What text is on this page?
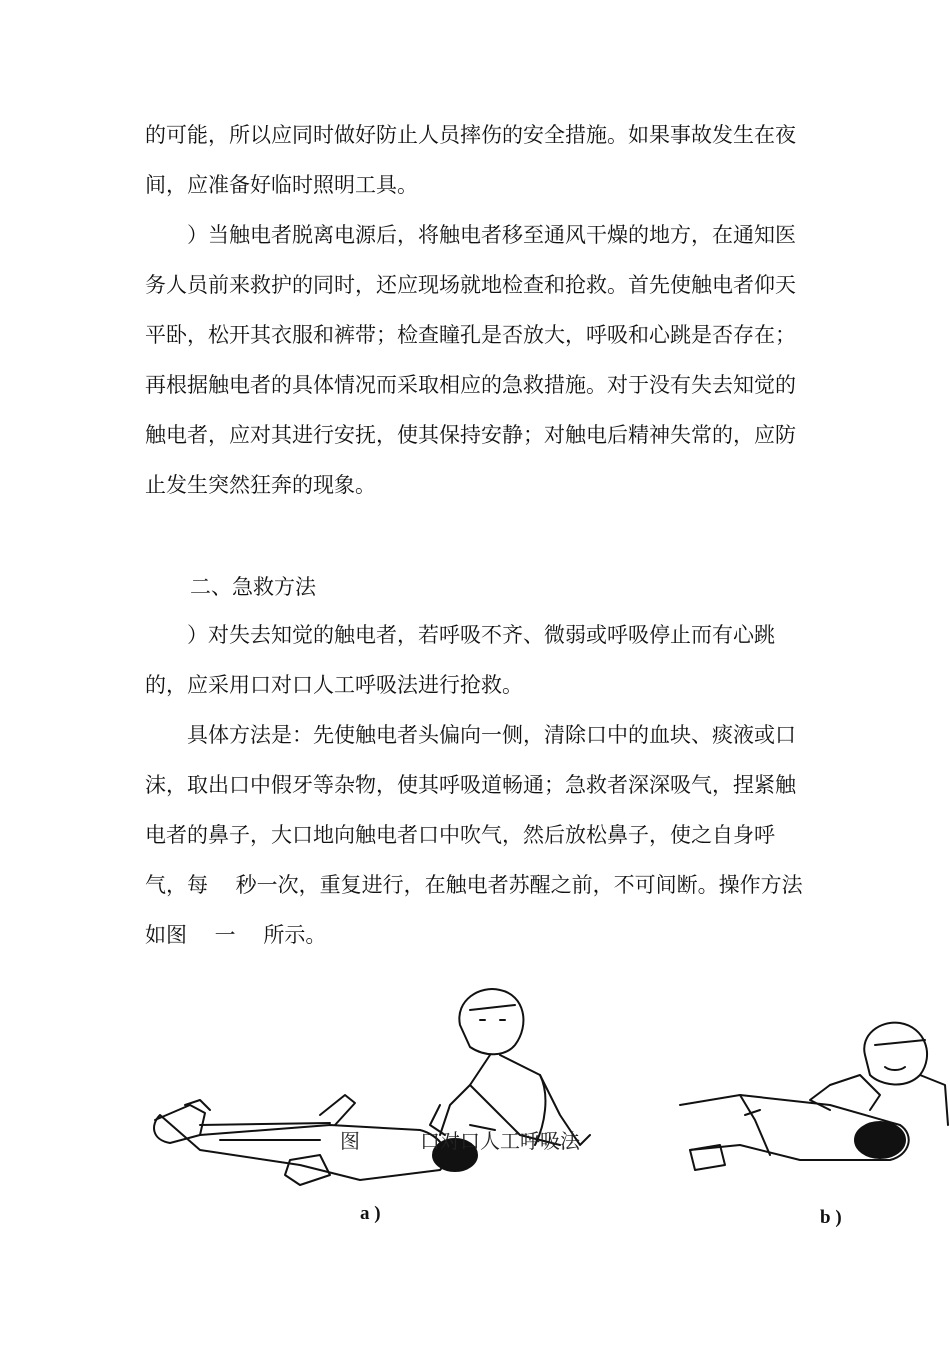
的可能，所以应同时做好防止人员摔伤的安全措施。如果事故发生在夜间，应准备好临时照明工具。

　　）当触电者脱离电源后，将触电者移至通风干燥的地方，在通知医务人员前来救护的同时，还应现场就地检查和抢救。首先使触电者仰天平卧，松开其衣服和裤带；检查瞳孔是否放大，呼吸和心跳是否存在；再根据触电者的具体情况而采取相应的急救措施。对于没有失去知觉的触电者，应对其进行安抚，使其保持安静；对触电后精神失常的，应防止发生突然狂奔的现象。

二、急救方法

　　）对失去知觉的触电者，若呼吸不齐、微弱或呼吸停止而有心跳的，应采用口对口人工呼吸法进行抢救。

　　具体方法是：先使触电者头偏向一侧，清除口中的血块、痰液或口沫，取出口中假牙等杂物，使其呼吸道畅通；急救者深深吸气，捏紧触电者的鼻子，大口地向触电者口中吹气，然后放松鼻子，使之自身呼气，每　 秒一次，重复进行，在触电者苏醒之前，不可间断。操作方法如图　 一　 所示。

图　　　口对口人工呼吸法
a )	b )
